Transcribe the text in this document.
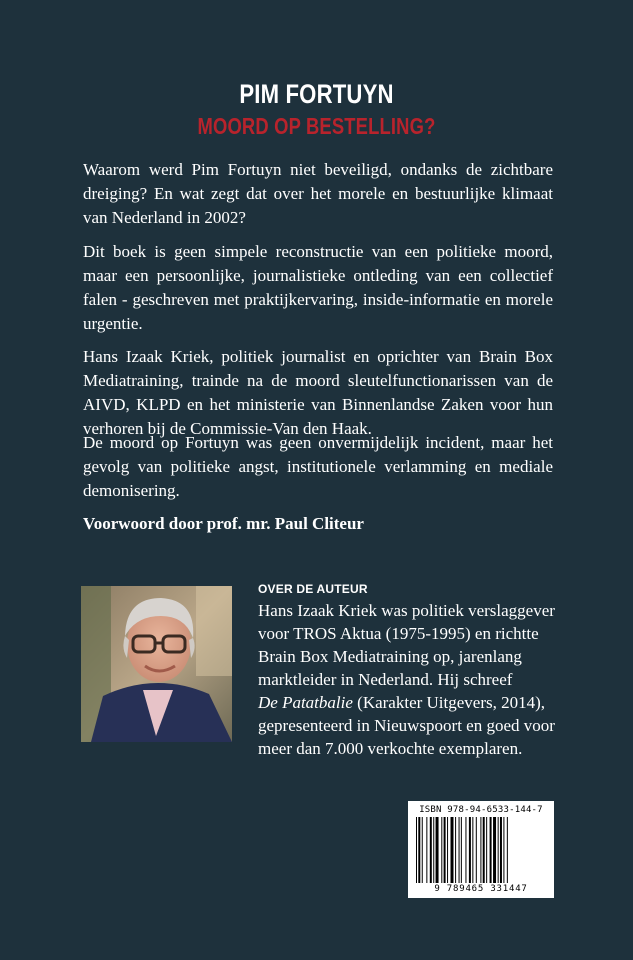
PIM FORTUYN
MOORD OP BESTELLING?

Waarom werd Pim Fortuyn niet beveiligd, ondanks de zichtbare dreiging? En wat zegt dat over het morele en bestuurlijke klimaat van Nederland in 2002?

Dit boek is geen simpele reconstructie van een politieke moord, maar een persoonlijke, journalistieke ontleding van een collectief falen - geschreven met praktijkervaring, inside-informatie en morele urgentie.

Hans Izaak Kriek, politiek journalist en oprichter van Brain Box Mediatraining, trainde na de moord sleutelfunctionarissen van de AIVD, KLPD en het ministerie van Binnenlandse Zaken voor hun verhoren bij de Commissie-Van den Haak.

De moord op Fortuyn was geen onvermijdelijk incident, maar het gevolg van politieke angst, institutionele verlamming en mediale demonisering.

Voorwoord door prof. mr. Paul Cliteur

OVER DE AUTEUR

Hans Izaak Kriek was politiek verslaggever voor TROS Aktua (1975-1995) en richtte Brain Box Mediatraining op, jarenlang marktleider in Nederland. Hij schreef
De Patatbalie (Karakter Uitgevers, 2014), gepresenteerd in Nieuwspoort en goed voor meer dan 7.000 verkochte exemplaren.

ISBN 978-94-6533-144-7
9 789465 331447
